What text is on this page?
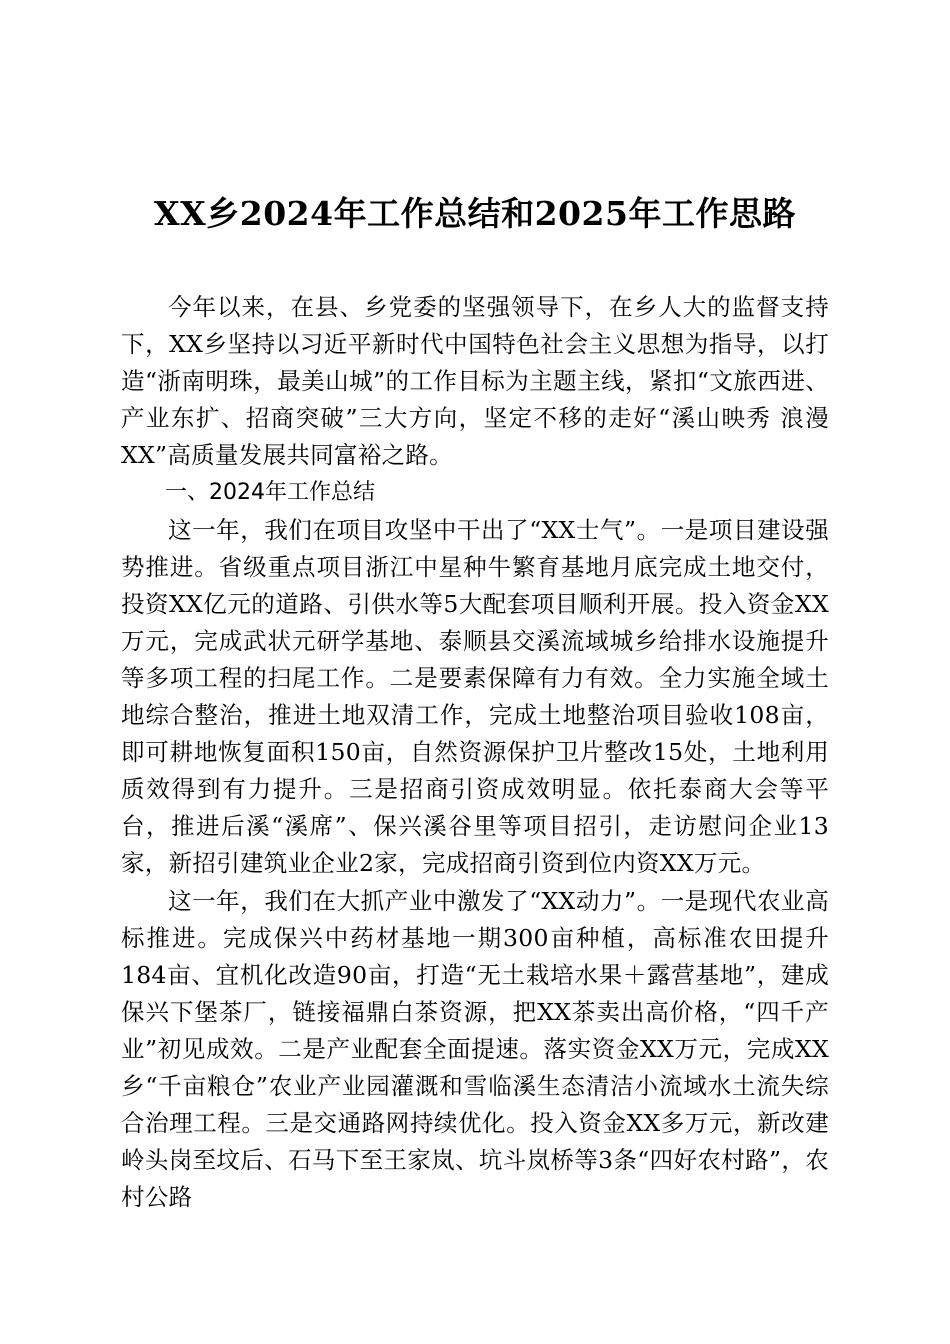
XX乡2024年工作总结和2025年工作思路

今年以来，在县、乡党委的坚强领导下，在乡人大的监督支持下，XX乡坚持以习近平新时代中国特色社会主义思想为指导，以打造“浙南明珠，最美山城”的工作目标为主题主线，紧扣“文旅西进、产业东扩、招商突破”三大方向，坚定不移的走好“溪山映秀 浪漫XX”高质量发展共同富裕之路。

一、2024年工作总结

这一年，我们在项目攻坚中干出了“XX士气”。一是项目建设强势推进。省级重点项目浙江中星种牛繁育基地月底完成土地交付，投资XX亿元的道路、引供水等5大配套项目顺利开展。投入资金XX万元，完成武状元研学基地、泰顺县交溪流域城乡给排水设施提升等多项工程的扫尾工作。二是要素保障有力有效。全力实施全域土地综合整治，推进土地双清工作，完成土地整治项目验收108亩，即可耕地恢复面积150亩，自然资源保护卫片整改15处，土地利用质效得到有力提升。三是招商引资成效明显。依托泰商大会等平台，推进后溪“溪席”、保兴溪谷里等项目招引，走访慰问企业13家，新招引建筑业企业2家，完成招商引资到位内资XX万元。

这一年，我们在大抓产业中激发了“XX动力”。一是现代农业高标推进。完成保兴中药材基地一期300亩种植，高标准农田提升184亩、宜机化改造90亩，打造“无土栽培水果＋露营基地”，建成保兴下堡茶厂，链接福鼎白茶资源，把XX茶卖出高价格，“四千产业”初见成效。二是产业配套全面提速。落实资金XX万元，完成XX乡“千亩粮仓”农业产业园灌溉和雪临溪生态清洁小流域水土流失综合治理工程。三是交通路网持续优化。投入资金XX多万元，新改建岭头岗至坟后、石马下至王家岚、坑斗岚桥等3条“四好农村路”，农村公路
